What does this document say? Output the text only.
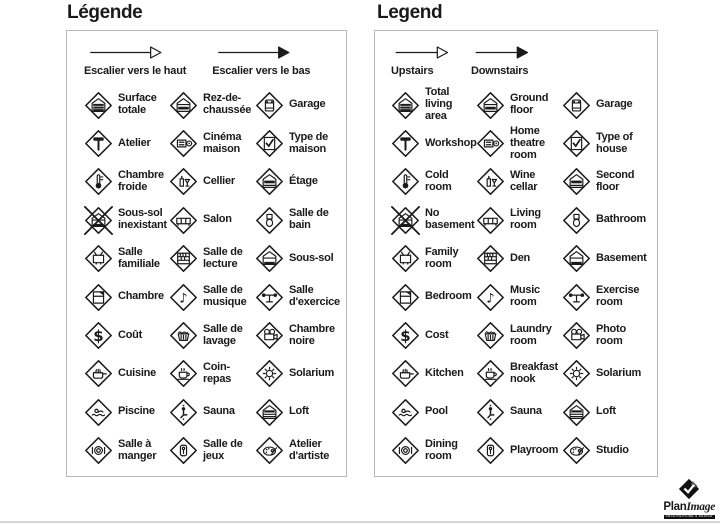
Légende	Legend
Escalier vers le haut Escalier vers le bas
Surface totale
Rez-de-chaussée	Garage
Atelier	Cinéma maison
Type de maison
Chambre froide	Cellier	Étage
Sous-sol inexistant	Salon	Salle de bain
Salle familiale
Salle de lecture	Sous-sol
Chambre ♪
Salle de musique
Salle d'exercice
$ Coût	Salle de lavage
Chambre noire
Cuisine	Coin-repas	Solarium
Piscine	Sauna	Loft
Salle à manger
Salle de jeux
Atelier d'artiste
Upstairs	Downstairs
Total living area
Ground floor	Garage
Workshop
Home theatre room
Type of house
Cold room
Wine cellar
Second floor
No basement
Living room	Bathroom
Family room	Den	Basement
Bedroom ♪
Music room
Exercise room
$ Cost	Laundry room
Photo room
Kitchen	Breakfast nook	Solarium
Pool	Sauna	Loft
Dining room	Playroom	Studio
PlanImage
ARCHITECTURE & DESIGN
